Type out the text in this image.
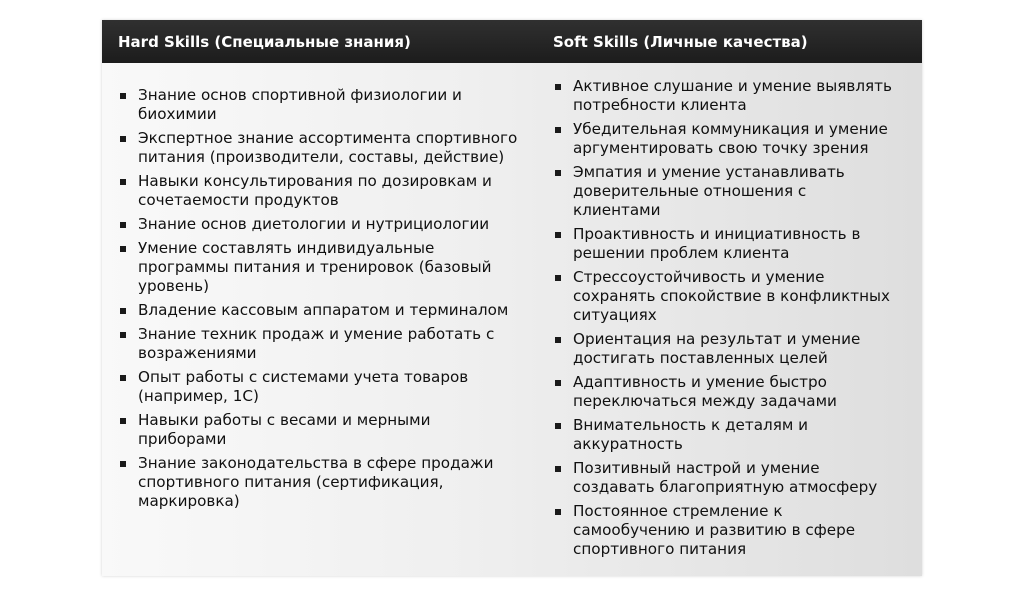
Hard Skills (Специальные знания)	Soft Skills (Личные качества)
Знание основ спортивной физиологии и биохимии
Экспертное знание ассортимента спортивного питания (производители, составы, действие)
Навыки консультирования по дозировкам и сочетаемости продуктов
Знание основ диетологии и нутрициологии
Умение составлять индивидуальные программы питания и тренировок (базовый уровень)
Владение кассовым аппаратом и терминалом
Знание техник продаж и умение работать с возражениями
Опыт работы с системами учета товаров (например, 1С)
Навыки работы с весами и мерными приборами
Знание законодательства в сфере продажи спортивного питания (сертификация, маркировка)
Активное слушание и умение выявлять потребности клиента
Убедительная коммуникация и умение аргументировать свою точку зрения
Эмпатия и умение устанавливать доверительные отношения с клиентами
Проактивность и инициативность в решении проблем клиента
Стрессоустойчивость и умение сохранять спокойствие в конфликтных ситуациях
Ориентация на результат и умение достигать поставленных целей
Адаптивность и умение быстро переключаться между задачами
Внимательность к деталям и аккуратность
Позитивный настрой и умение создавать благоприятную атмосферу
Постоянное стремление к самообучению и развитию в сфере спортивного питания
